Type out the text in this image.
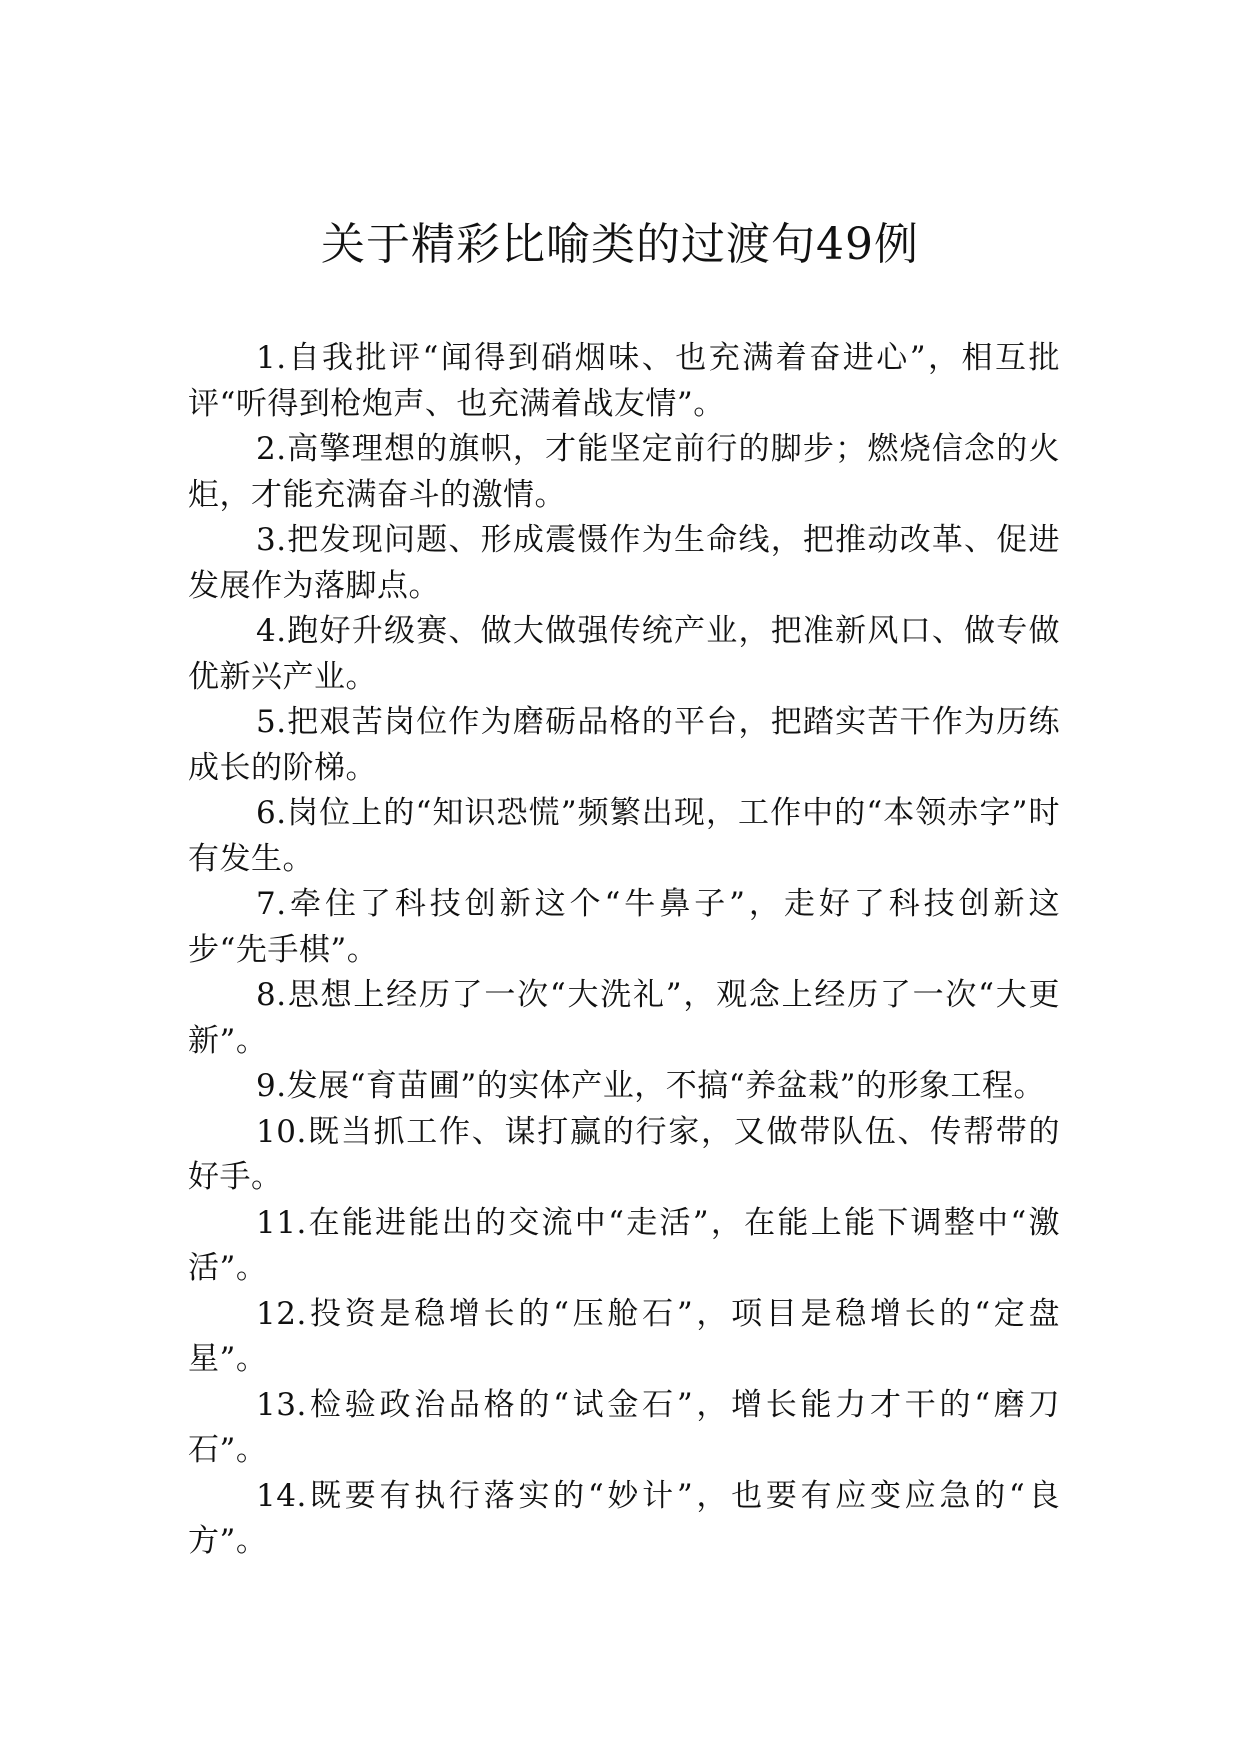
关于精彩比喻类的过渡句49例
1.自我批评“闻得到硝烟味、也充满着奋进心”，相互批评“听得到枪炮声、也充满着战友情”。
2.高擎理想的旗帜，才能坚定前行的脚步；燃烧信念的火炬，才能充满奋斗的激情。
3.把发现问题、形成震慑作为生命线，把推动改革、促进发展作为落脚点。
4.跑好升级赛、做大做强传统产业，把准新风口、做专做优新兴产业。
5.把艰苦岗位作为磨砺品格的平台，把踏实苦干作为历练成长的阶梯。
6.岗位上的“知识恐慌”频繁出现，工作中的“本领赤字”时有发生。
7.牵住了科技创新这个“牛鼻子”，走好了科技创新这步“先手棋”。
8.思想上经历了一次“大洗礼”，观念上经历了一次“大更新”。
9.发展“育苗圃”的实体产业，不搞“养盆栽”的形象工程。
10.既当抓工作、谋打赢的行家，又做带队伍、传帮带的好手。
11.在能进能出的交流中“走活”，在能上能下调整中“激活”。
12.投资是稳增长的“压舱石”，项目是稳增长的“定盘星”。
13.检验政治品格的“试金石”，增长能力才干的“磨刀石”。
14.既要有执行落实的“妙计”，也要有应变应急的“良方”。
